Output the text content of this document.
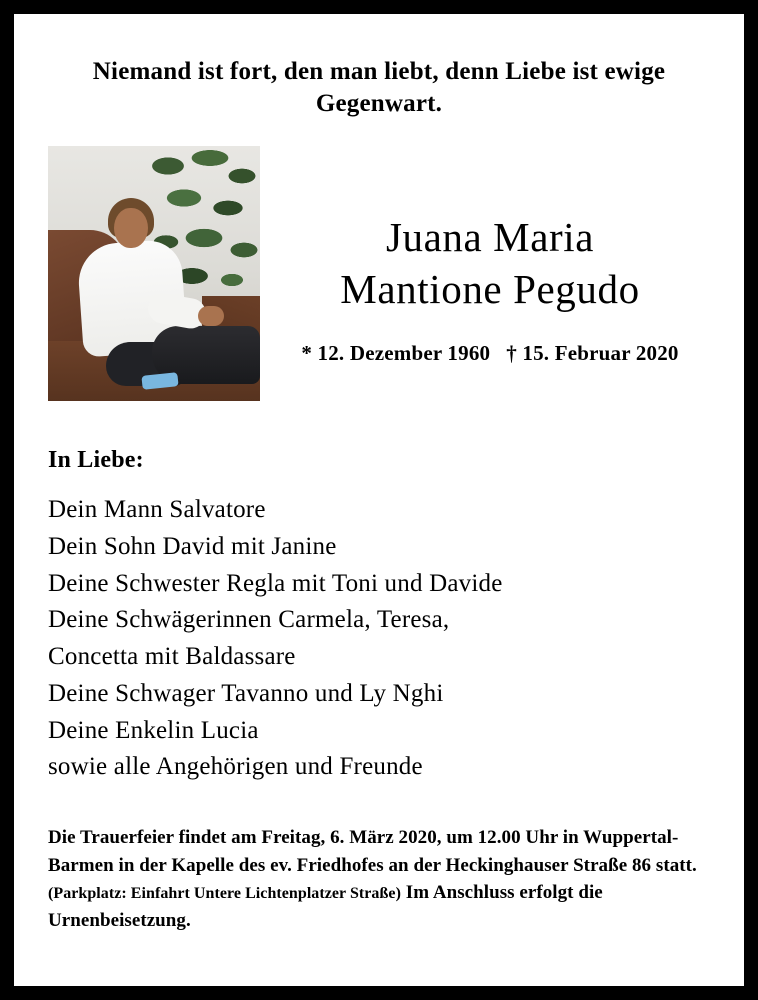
Niemand ist fort, den man liebt, denn Liebe ist ewige Gegenwart.
Juana Maria
Mantione Pegudo
* 12. Dezember 1960 † 15. Februar 2020
In Liebe:
Dein Mann Salvatore
Dein Sohn David mit Janine
Deine Schwester Regla mit Toni und Davide
Deine Schwägerinnen Carmela, Teresa,
Concetta mit Baldassare
Deine Schwager Tavanno und Ly Nghi
Deine Enkelin Lucia
sowie alle Angehörigen und Freunde
Die Trauerfeier findet am Freitag, 6. März 2020, um 12.00 Uhr in Wuppertal-Barmen in der Kapelle des ev. Friedhofes an der Heckinghauser Straße 86 statt. (Parkplatz: Einfahrt Untere Lichtenplatzer Straße) Im Anschluss erfolgt die Urnenbeisetzung.
